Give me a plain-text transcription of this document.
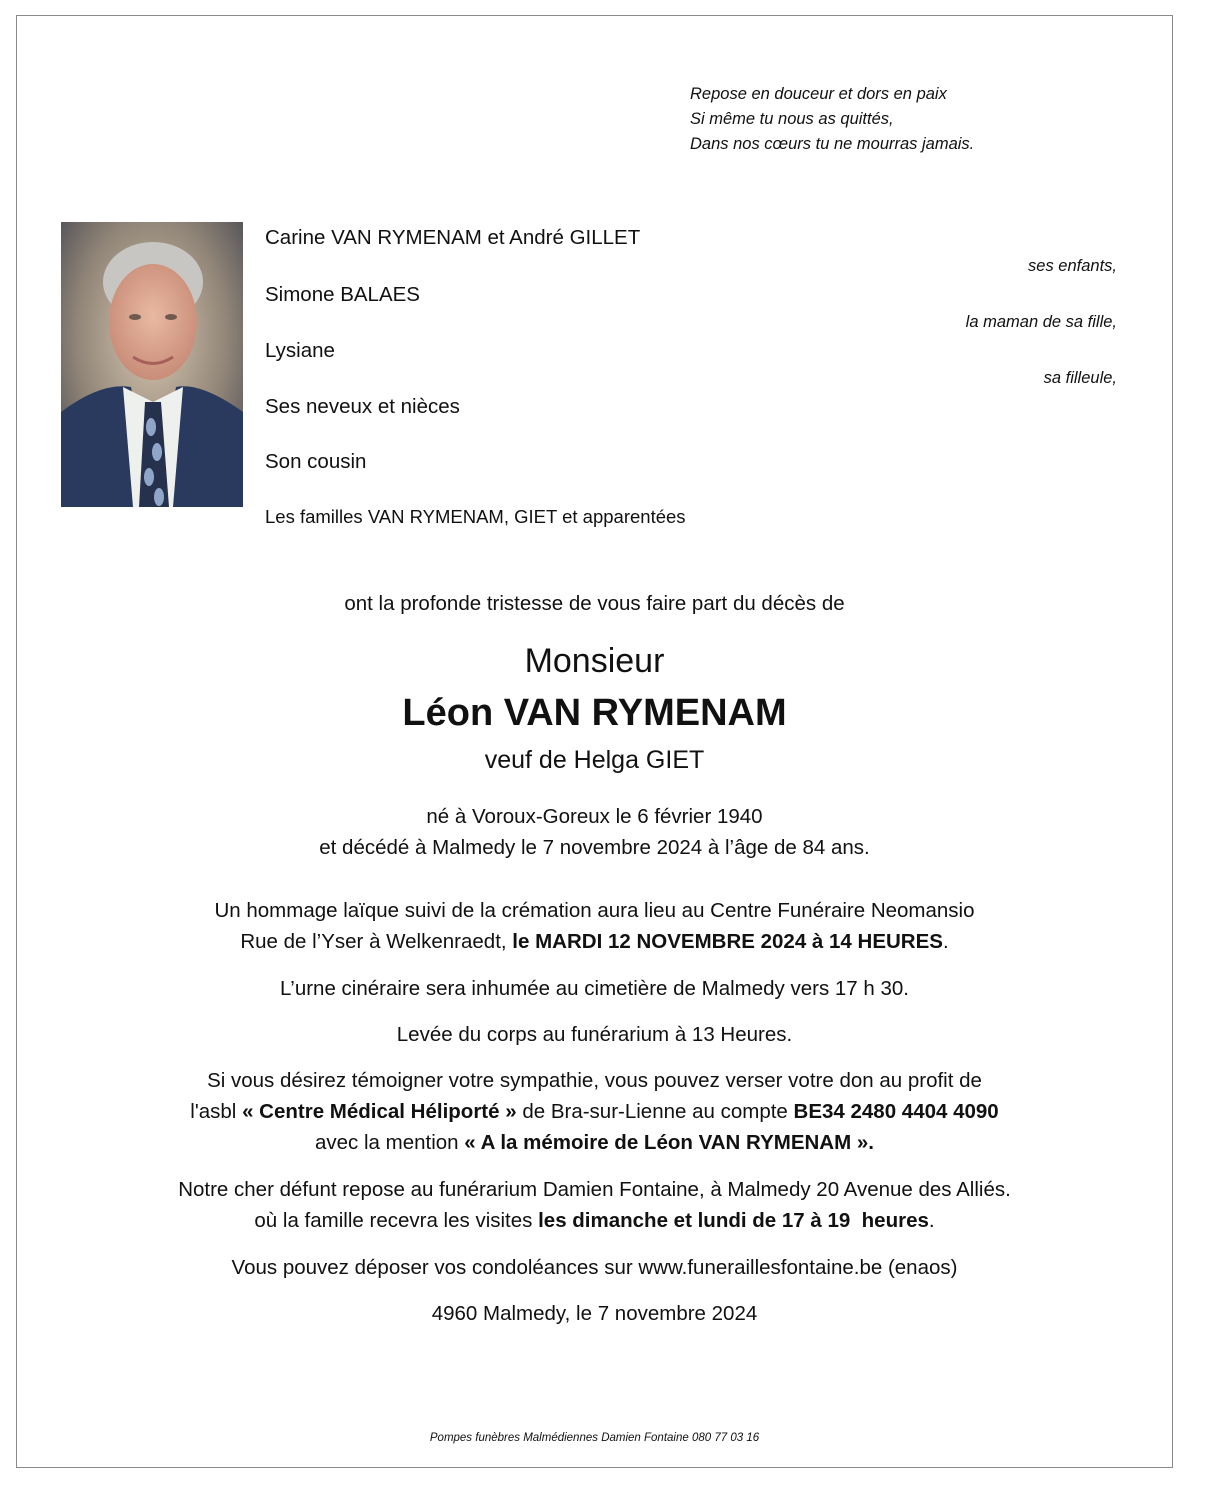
Repose en douceur et dors en paix
Si même tu nous as quittés,
Dans nos cœurs tu ne mourras jamais.
Carine VAN RYMENAM et André GILLET
ses enfants,
Simone BALAES
la maman de sa fille,
Lysiane
sa filleule,
Ses neveux et nièces
Son cousin
Les familles VAN RYMENAM, GIET et apparentées
ont la profonde tristesse de vous faire part du décès de
Monsieur
Léon VAN RYMENAM
veuf de Helga GIET
né à Voroux-Goreux le 6 février 1940
et décédé à Malmedy le 7 novembre 2024 à l’âge de 84 ans.
Un hommage laïque suivi de la crémation aura lieu au Centre Funéraire Neomansio
Rue de l’Yser à Welkenraedt, le MARDI 12 NOVEMBRE 2024 à 14 HEURES.
L’urne cinéraire sera inhumée au cimetière de Malmedy vers 17 h 30.
Levée du corps au funérarium à 13 Heures.
Si vous désirez témoigner votre sympathie, vous pouvez verser votre don au profit de
l'asbl « Centre Médical Héliporté » de Bra-sur-Lienne au compte BE34 2480 4404 4090
avec la mention « A la mémoire de Léon VAN RYMENAM ».
Notre cher défunt repose au funérarium Damien Fontaine, à Malmedy 20 Avenue des Alliés.
où la famille recevra les visites les dimanche et lundi de 17 à 19  heures.
Vous pouvez déposer vos condoléances sur www.funeraillesfontaine.be (enaos)
4960 Malmedy, le 7 novembre 2024
Pompes funèbres Malmédiennes Damien Fontaine 080 77 03 16
